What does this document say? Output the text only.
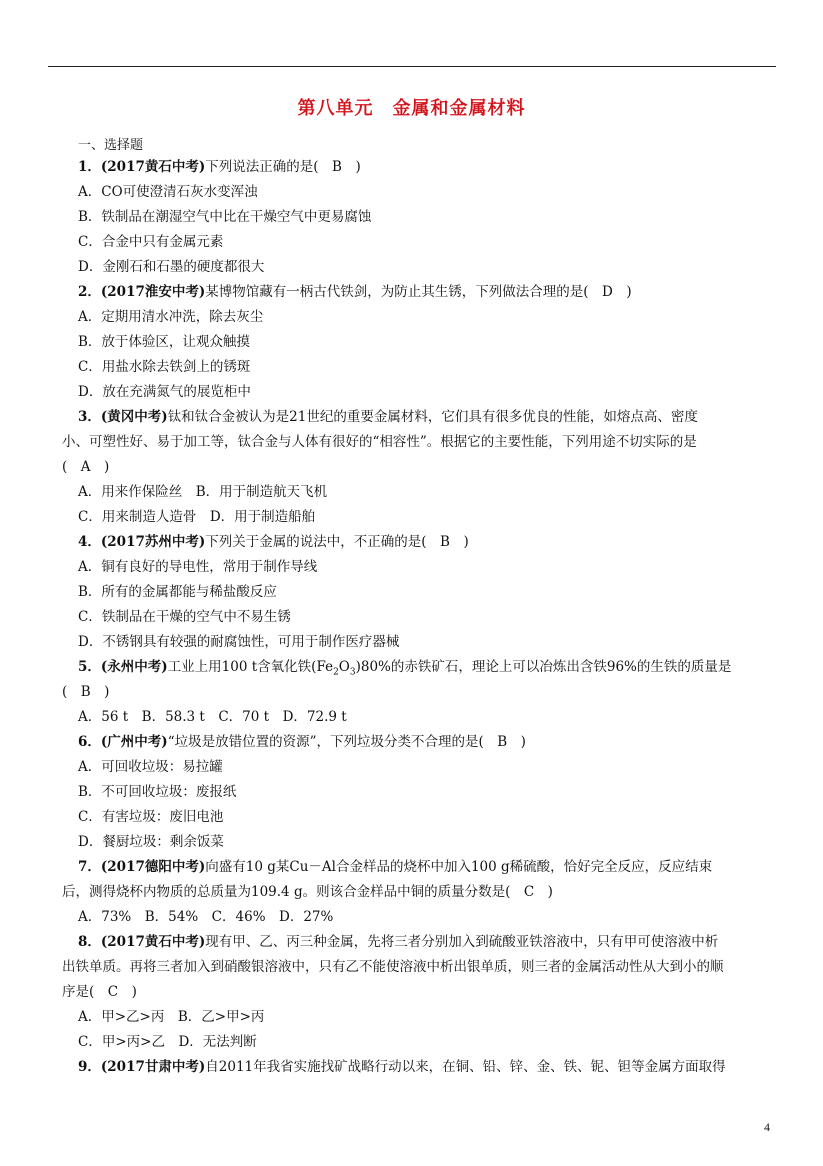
第八单元　金属和金属材料
一、选择题
1．(2017黄石中考)下列说法正确的是(　B　)
A．CO可使澄清石灰水变浑浊
B．铁制品在潮湿空气中比在干燥空气中更易腐蚀
C．合金中只有金属元素
D．金刚石和石墨的硬度都很大
2．(2017淮安中考)某博物馆藏有一柄古代铁剑，为防止其生锈，下列做法合理的是(　D　)
A．定期用清水冲洗，除去灰尘
B．放于体验区，让观众触摸
C．用盐水除去铁剑上的锈斑
D．放在充满氮气的展览柜中
3．(黄冈中考)钛和钛合金被认为是21世纪的重要金属材料，它们具有很多优良的性能，如熔点高、密度
小、可塑性好、易于加工等，钛合金与人体有很好的“相容性”。根据它的主要性能，下列用途不切实际的是
(　A　)
A．用来作保险丝　B．用于制造航天飞机
C．用来制造人造骨　D．用于制造船舶
4．(2017苏州中考)下列关于金属的说法中，不正确的是(　B　)
A．铜有良好的导电性，常用于制作导线
B．所有的金属都能与稀盐酸反应
C．铁制品在干燥的空气中不易生锈
D．不锈钢具有较强的耐腐蚀性，可用于制作医疗器械
5．(永州中考)工业上用100 t含氧化铁$(Fe_2O_3)80\%$的赤铁矿石，理论上可以冶炼出含铁96%的生铁的质量是
(　B　)
A．56 t　B．58.3 t　C．70 t　D．72.9 t
6．(广州中考)“垃圾是放错位置的资源”，下列垃圾分类不合理的是(　B　)
A．可回收垃圾：易拉罐
B．不可回收垃圾：废报纸
C．有害垃圾：废旧电池
D．餐厨垃圾：剩余饭菜
7．(2017德阳中考)向盛有10 g某Cu－Al合金样品的烧杯中加入100 g稀硫酸，恰好完全反应，反应结束
后，测得烧杯内物质的总质量为109.4 g。则该合金样品中铜的质量分数是(　C　)
A．73%　B．54%　C．46%　D．27%
8．(2017黄石中考)现有甲、乙、丙三种金属，先将三者分别加入到硫酸亚铁溶液中，只有甲可使溶液中析
出铁单质。再将三者加入到硝酸银溶液中，只有乙不能使溶液中析出银单质，则三者的金属活动性从大到小的顺
序是(　C　)
A．甲>乙>丙　B．乙>甲>丙
C．甲>丙>乙　D．无法判断
9．(2017甘肃中考)自2011年我省实施找矿战略行动以来，在铜、铅、锌、金、铁、铌、钽等金属方面取得
4
